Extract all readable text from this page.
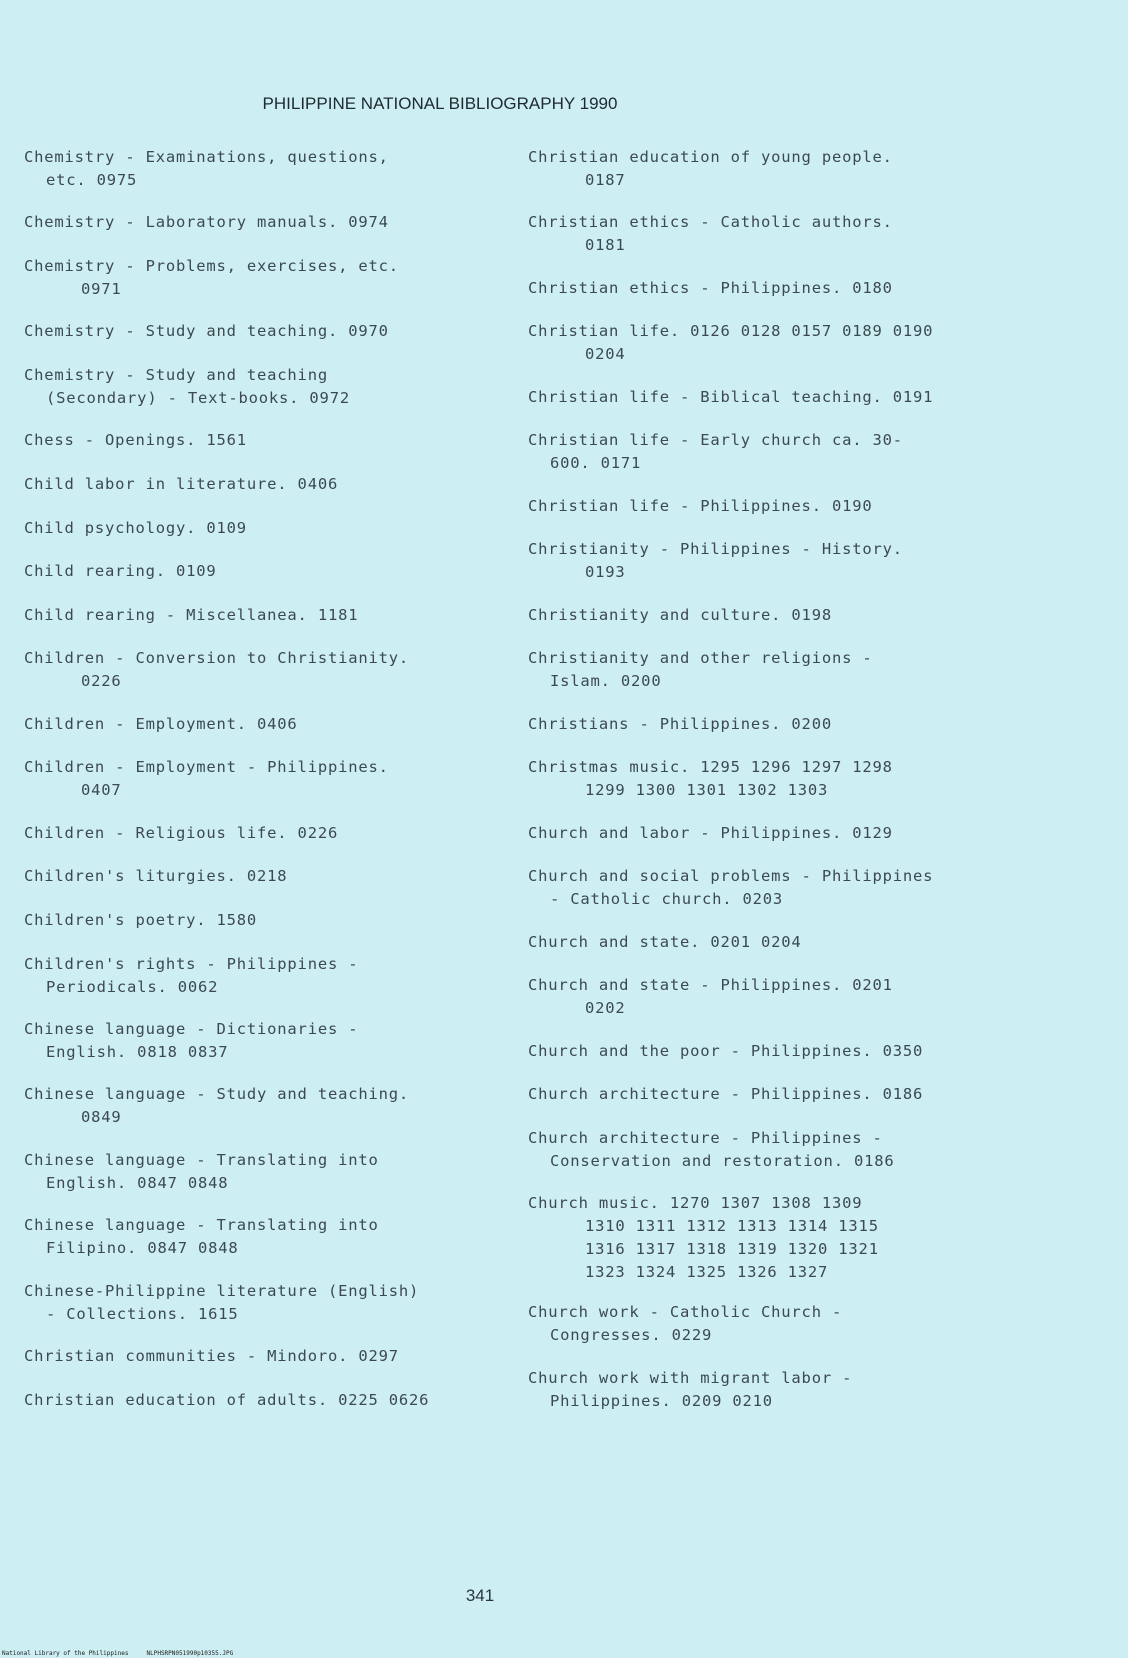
PHILIPPINE NATIONAL BIBLIOGRAPHY 1990
Chemistry - Examinations, questions,
etc. 0975
Chemistry - Laboratory manuals. 0974
Chemistry - Problems, exercises, etc.
0971
Chemistry - Study and teaching. 0970
Chemistry - Study and teaching
(Secondary) - Text-books. 0972
Chess - Openings. 1561
Child labor in literature. 0406
Child psychology. 0109
Child rearing. 0109
Child rearing - Miscellanea. 1181
Children - Conversion to Christianity.
0226
Children - Employment. 0406
Children - Employment - Philippines.
0407
Children - Religious life. 0226
Children's liturgies. 0218
Children's poetry. 1580
Children's rights - Philippines -
Periodicals. 0062
Chinese language - Dictionaries -
English. 0818 0837
Chinese language - Study and teaching.
0849
Chinese language - Translating into
English. 0847 0848
Chinese language - Translating into
Filipino. 0847 0848
Chinese-Philippine literature (English)
- Collections. 1615
Christian communities - Mindoro. 0297
Christian education of adults. 0225 0626
Christian education of young people.
0187
Christian ethics - Catholic authors.
0181
Christian ethics - Philippines. 0180
Christian life. 0126 0128 0157 0189 0190
0204
Christian life - Biblical teaching. 0191
Christian life - Early church ca. 30-
600. 0171
Christian life - Philippines. 0190
Christianity - Philippines - History.
0193
Christianity and culture. 0198
Christianity and other religions -
Islam. 0200
Christians - Philippines. 0200
Christmas music. 1295 1296 1297 1298
1299 1300 1301 1302 1303
Church and labor - Philippines. 0129
Church and social problems - Philippines
- Catholic church. 0203
Church and state. 0201 0204
Church and state - Philippines. 0201
0202
Church and the poor - Philippines. 0350
Church architecture - Philippines. 0186
Church architecture - Philippines -
Conservation and restoration. 0186
Church music. 1270 1307 1308 1309
1310 1311 1312 1313 1314 1315
1316 1317 1318 1319 1320 1321
1323 1324 1325 1326 1327
Church work - Catholic Church -
Congresses. 0229
Church work with migrant labor -
Philippines. 0209 0210
341
National Library of the Philippines     NLPHSRPN051990p10355.JPG
